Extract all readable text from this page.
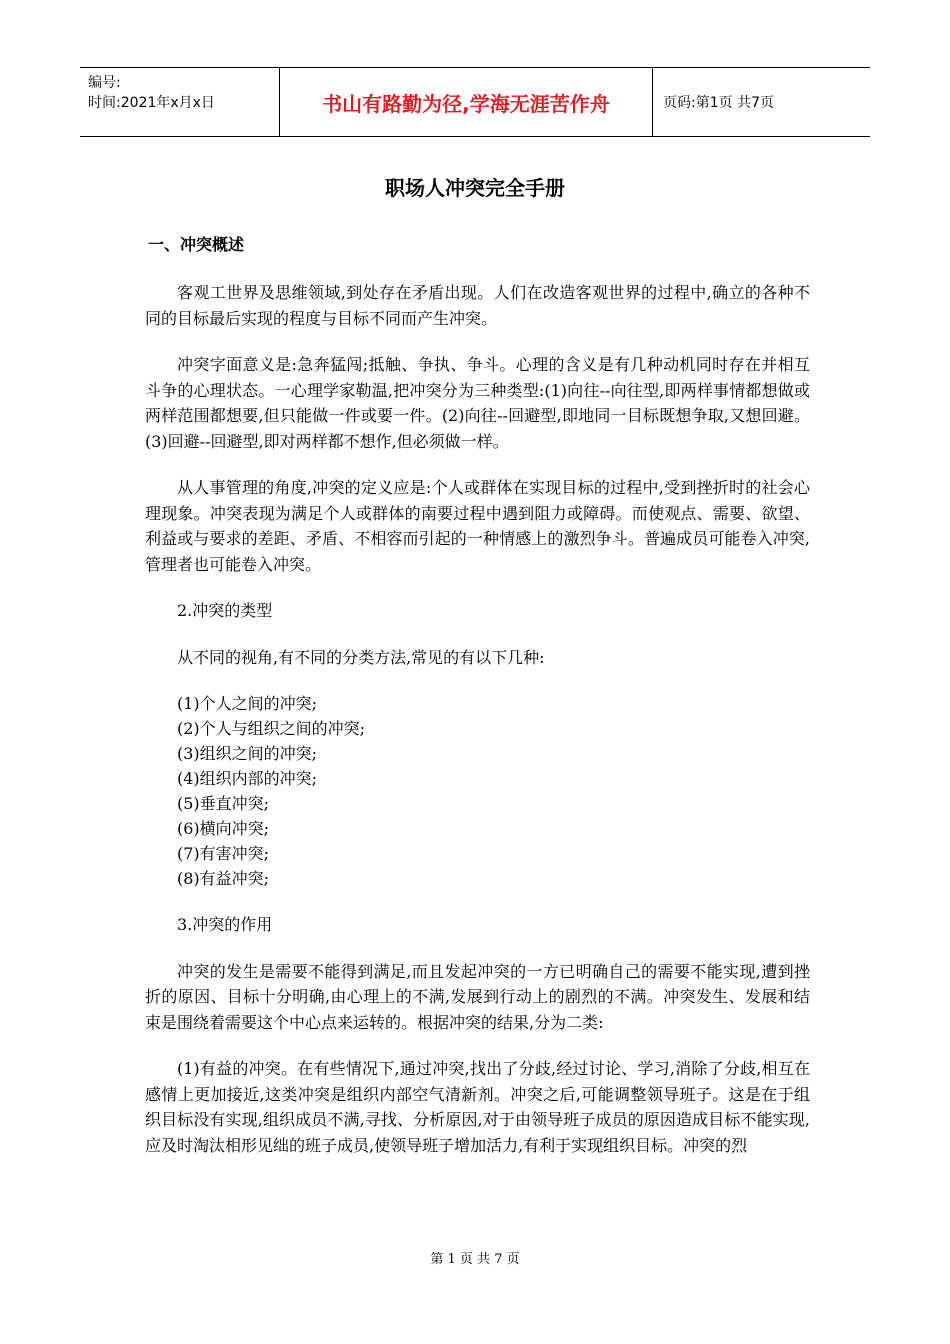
编号:
时间:2021年x月x日	书山有路勤为径,学海无涯苦作舟	页码:第1页 共7页
职场人冲突完全手册
一、冲突概述

客观工世界及思维领域,到处存在矛盾出现。人们在改造客观世界的过程中,确立的各种不同的目标最后实现的程度与目标不同而产生冲突。

冲突字面意义是:急奔猛闯;抵触、争执、争斗。心理的含义是有几种动机同时存在并相互斗争的心理状态。一心理学家勒温,把冲突分为三种类型:(1)向往--向往型,即两样事情都想做或两样范围都想要,但只能做一件或要一件。(2)向往--回避型,即地同一目标既想争取,又想回避。(3)回避--回避型,即对两样都不想作,但必须做一样。

从人事管理的角度,冲突的定义应是:个人或群体在实现目标的过程中,受到挫折时的社会心理现象。冲突表现为满足个人或群体的南要过程中遇到阻力或障碍。而使观点、需要、欲望、利益或与要求的差距、矛盾、不相容而引起的一种情感上的激烈争斗。普遍成员可能卷入冲突,管理者也可能卷入冲突。

2.冲突的类型

从不同的视角,有不同的分类方法,常见的有以下几种:

(1)个人之间的冲突;
(2)个人与组织之间的冲突;
(3)组织之间的冲突;
(4)组织内部的冲突;
(5)垂直冲突;
(6)横向冲突;
(7)有害冲突;
(8)有益冲突;

3.冲突的作用

冲突的发生是需要不能得到满足,而且发起冲突的一方已明确自己的需要不能实现,遭到挫折的原因、目标十分明确,由心理上的不满,发展到行动上的剧烈的不满。冲突发生、发展和结束是围绕着需要这个中心点来运转的。根据冲突的结果,分为二类:

(1)有益的冲突。在有些情况下,通过冲突,找出了分歧,经过讨论、学习,消除了分歧,相互在感情上更加接近,这类冲突是组织内部空气清新剂。冲突之后,可能调整领导班子。这是在于组织目标没有实现,组织成员不满,寻找、分析原因,对于由领导班子成员的原因造成目标不能实现,应及时淘汰相形见绌的班子成员,使领导班子增加活力,有利于实现组织目标。冲突的烈

第 1 页 共 7 页
